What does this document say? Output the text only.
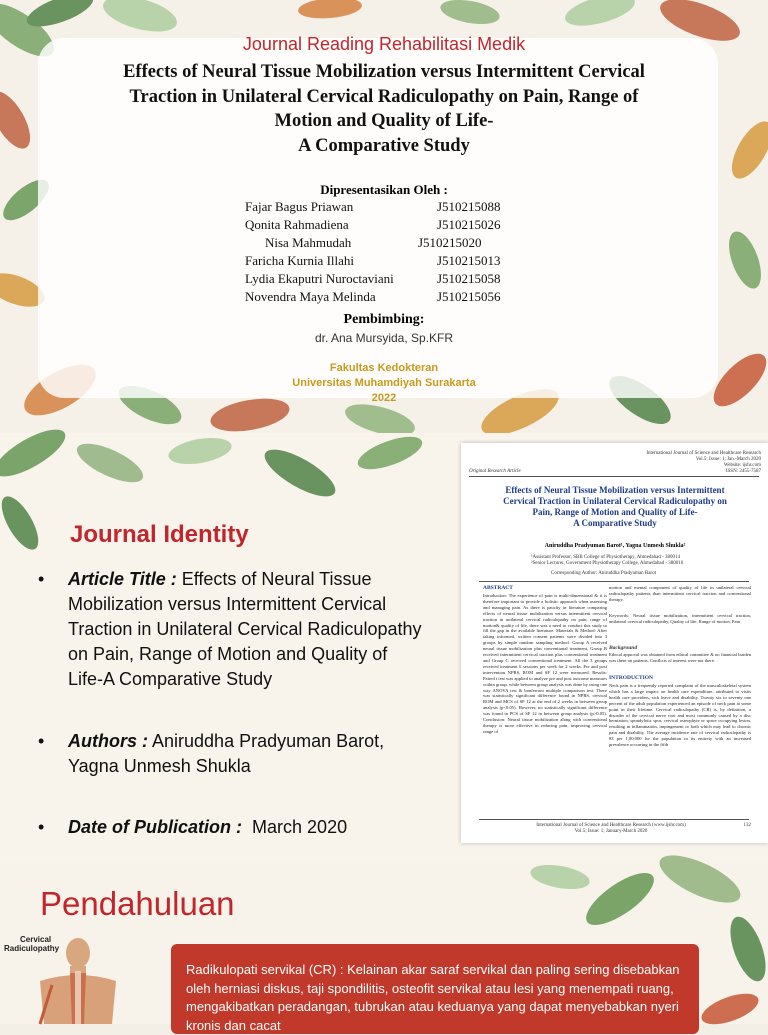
Journal Reading Rehabilitasi Medik
Effects of Neural Tissue Mobilization versus Intermittent Cervical
Traction in Unilateral Cervical Radiculopathy on Pain, Range of
Motion and Quality of Life-
A Comparative Study
Dipresentasikan Oleh :
Fajar Bagus Priawan	J510215088
Qonita Rahmadiena	J510215026
Nisa Mahmudah	J510215020
Faricha Kurnia Illahi	J510215013
Lydia Ekaputri Nuroctaviani	J510215058
Novendra Maya Melinda	J510215056
Pembimbing:
dr. Ana Mursyida, Sp.KFR
Fakultas Kedokteran
Universitas Muhamdiyah Surakarta
2022
Journal Identity
• Article Title : Effects of Neural Tissue
Mobilization versus Intermittent Cervical
Traction in Unilateral Cervical Radiculopathy
on Pain, Range of Motion and Quality of
Life-A Comparative Study
• Authors : Aniruddha Pradyuman Barot,
Yagna Unmesh Shukla
• Date of Publication : March 2020
International Journal of Science and Healthcare Research
Vol.5; Issue: 1; Jan.-March 2020
Website: ijshr.com
Original Research Article	ISSN: 2455-7587
Effects of Neural Tissue Mobilization versus Intermittent
Cervical Traction in Unilateral Cervical Radiculopathy on
Pain, Range of Motion and Quality of Life-
A Comparative Study
Aniruddha Pradyuman Barot¹, Yagna Unmesh Shukla²
¹Assistant Professor, SBB College of Physiotherapy, Ahmedabad - 380014
²Senior Lecturer, Government Physiotherapy College, Ahmedabad - 380016
Corresponding Author: Aniruddha Pradyuman Barot
ABSTRACT
Introduction: The experience of pain is multi-dimensional & it is therefore important to provide a holistic approach when assessing and managing pain. As there is paucity in literature comparing effects of neural tissue mobilization versus intermittent cervical traction in unilateral cervical radiculopathy on pain, range of motion& quality of life, there was a need to conduct this study to fill the gap in the available literature. Materials & Method: After taking informed, written consent patients were divided into 3 groups by simple random sampling method. Group A received neural tissue mobilization plus conventional treatment, Group B received intermittent cervical traction plus conventional treatment and Group C received conventional treatment. All the 3 groups received treatment 6 sessions per week for 2 weeks. Pre and post intervention NPRS, ROM and SF 12 were measured. Results: Paired t test was applied to analyze pre and post outcome measures within group, while between group analysis was done by using one way ANOVA test & bonferroni multiple comparison test. There was statistically significant difference found in NPRS, cervical ROM and MCS of SF 12 at the end of 2 weeks in between group analysis (p<0.05). However, no statistically significant difference was found in PCS of SF 12 in between group analysis (p>0.05). Conclusion: Neural tissue mobilization along with conventional therapy is more effective in reducing pain, improving cervical range of
motion and mental component of quality of life in unilateral cervical radiculopathy patients than intermittent cervical traction and conventional therapy.
Keywords: Neural tissue mobilization, intermittent cervical traction, unilateral cervical radiculopathy, Quality of life, Range of motion, Pain
Background
Ethical approval was obtained from ethical committee & no financial burden was there on patients. Conflicts of interest were not there.
INTRODUCTION
Neck pain is a frequently reported complaint of the musculoskeletal system which has a large impact on health care expenditure, attributed to visits health care providers, sick leave and disability. Twenty six to seventy one percent of the adult population experienced an episode of neck pain at some point in their lifetime. Cervical radiculopathy (CR) is, by definition, a disorder of the cervical nerve root and most commonly caused by a disc herniation, spondylotic spur, cervical osteophyte or space occupying lesion, resulting in inflammation, impingement or both which may lead to chronic pain and disability. The average incidence rate of cervical radiculopathy is 83 per 1,00,000 for the population in its entirety with an increased prevalence occurring in the fifth
International Journal of Science and Healthcare Research (www.ijshr.com)
Vol.5; Issue: 1; January-March 2020
132
Pendahuluan
Cervical
Radiculopathy
Radikulopati servikal (CR) : Kelainan akar saraf servikal dan paling sering disebabkan oleh herniasi diskus, taji spondilitis, osteofit servikal atau lesi yang menempati ruang, mengakibatkan peradangan, tubrukan atau keduanya yang dapat menyebabkan nyeri kronis dan cacat
